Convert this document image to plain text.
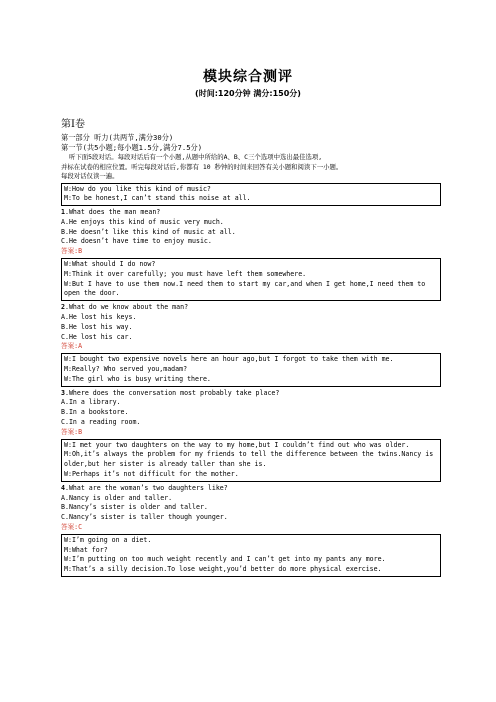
模块综合测评
(时间:120分钟 满分:150分)
第Ⅰ卷
第一部分 听力(共两节,满分30分)
第一节(共5小题;每小题1.5分,满分7.5分)
听下面5段对话。每段对话后有一个小题,从题中所给的A、B、C三个选项中选出最佳选项,
并标在试卷的相应位置。听完每段对话后,你都有 10 秒钟的时间来回答有关小题和阅读下一小题。
每段对话仅读一遍。
W:How do you like this kind of music?
M:To be honest,I can’t stand this noise at all.
1.What does the man mean?
A.He enjoys this kind of music very much.
B.He doesn’t like this kind of music at all.
C.He doesn’t have time to enjoy music.
答案:B
W:What should I do now?
M:Think it over carefully; you must have left them somewhere.
W:But I have to use them now.I need them to start my car,and when I get home,I need them to open the door.
2.What do we know about the man?
A.He lost his keys.
B.He lost his way.
C.He lost his car.
答案:A
W:I bought two expensive novels here an hour ago,but I forgot to take them with me.
M:Really? Who served you,madam?
W:The girl who is busy writing there.
3.Where does the conversation most probably take place?
A.In a library.
B.In a bookstore.
C.In a reading room.
答案:B
W:I met your two daughters on the way to my home,but I couldn’t find out who was older.
M:Oh,it’s always the problem for my friends to tell the difference between the twins.Nancy is older,but her sister is already taller than she is.
W:Perhaps it’s not difficult for the mother.
4.What are the woman’s two daughters like?
A.Nancy is older and taller.
B.Nancy’s sister is older and taller.
C.Nancy’s sister is taller though younger.
答案:C
W:I’m going on a diet.
M:What for?
W:I’m putting on too much weight recently and I can’t get into my pants any more.
M:That’s a silly decision.To lose weight,you’d better do more physical exercise.
